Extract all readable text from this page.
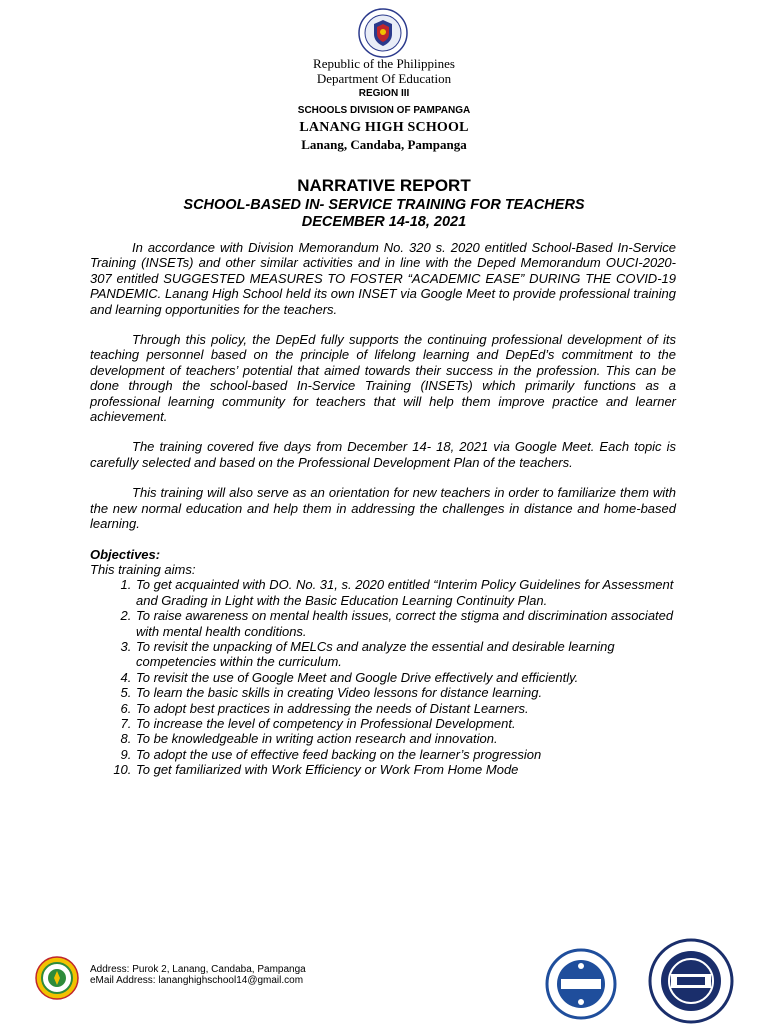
Republic of the Philippines
Department Of Education
REGION III
SCHOOLS DIVISION OF PAMPANGA
LANANG HIGH SCHOOL
Lanang, Candaba, Pampanga
NARRATIVE REPORT
SCHOOL-BASED IN- SERVICE TRAINING FOR TEACHERS
DECEMBER 14-18, 2021

In accordance with Division Memorandum No. 320 s. 2020 entitled School-Based In-Service Training (INSETs) and other similar activities and in line with the Deped Memorandum OUCI-2020-307 entitled SUGGESTED MEASURES TO FOSTER “ACADEMIC EASE” DURING THE COVID-19 PANDEMIC. Lanang High School held its own INSET via Google Meet to provide professional training and learning opportunities for the teachers.

Through this policy, the DepEd fully supports the continuing professional development of its teaching personnel based on the principle of lifelong learning and DepEd’s commitment to the development of teachers’ potential that aimed towards their success in the profession. This can be done through the school-based In-Service Training (INSETs) which primarily functions as a professional learning community for teachers that will help them improve practice and learner achievement.

The training covered five days from December 14- 18, 2021 via Google Meet. Each topic is carefully selected and based on the Professional Development Plan of the teachers.

This training will also serve as an orientation for new teachers in order to familiarize them with the new normal education and help them in addressing the challenges in distance and home-based learning.

Objectives:

This training aims:

1. To get acquainted with DO. No. 31, s. 2020 entitled “Interim Policy Guidelines for Assessment and Grading in Light with the Basic Education Learning Continuity Plan.
2. To raise awareness on mental health issues, correct the stigma and discrimination associated with mental health conditions.
3. To revisit the unpacking of MELCs and analyze the essential and desirable learning competencies within the curriculum.
4. To revisit the use of Google Meet and Google Drive effectively and efficiently.
5. To learn the basic skills in creating Video lessons for distance learning.
6. To adopt best practices in addressing the needs of Distant Learners.
7. To increase the level of competency in Professional Development.
8. To be knowledgeable in writing action research and innovation.
9. To adopt the use of effective feed backing on the learner’s progression
10. To get familiarized with Work Efficiency or Work From Home Mode
Address: Purok 2, Lanang, Candaba, Pampanga
eMail Address: lananghighschool14@gmail.com
